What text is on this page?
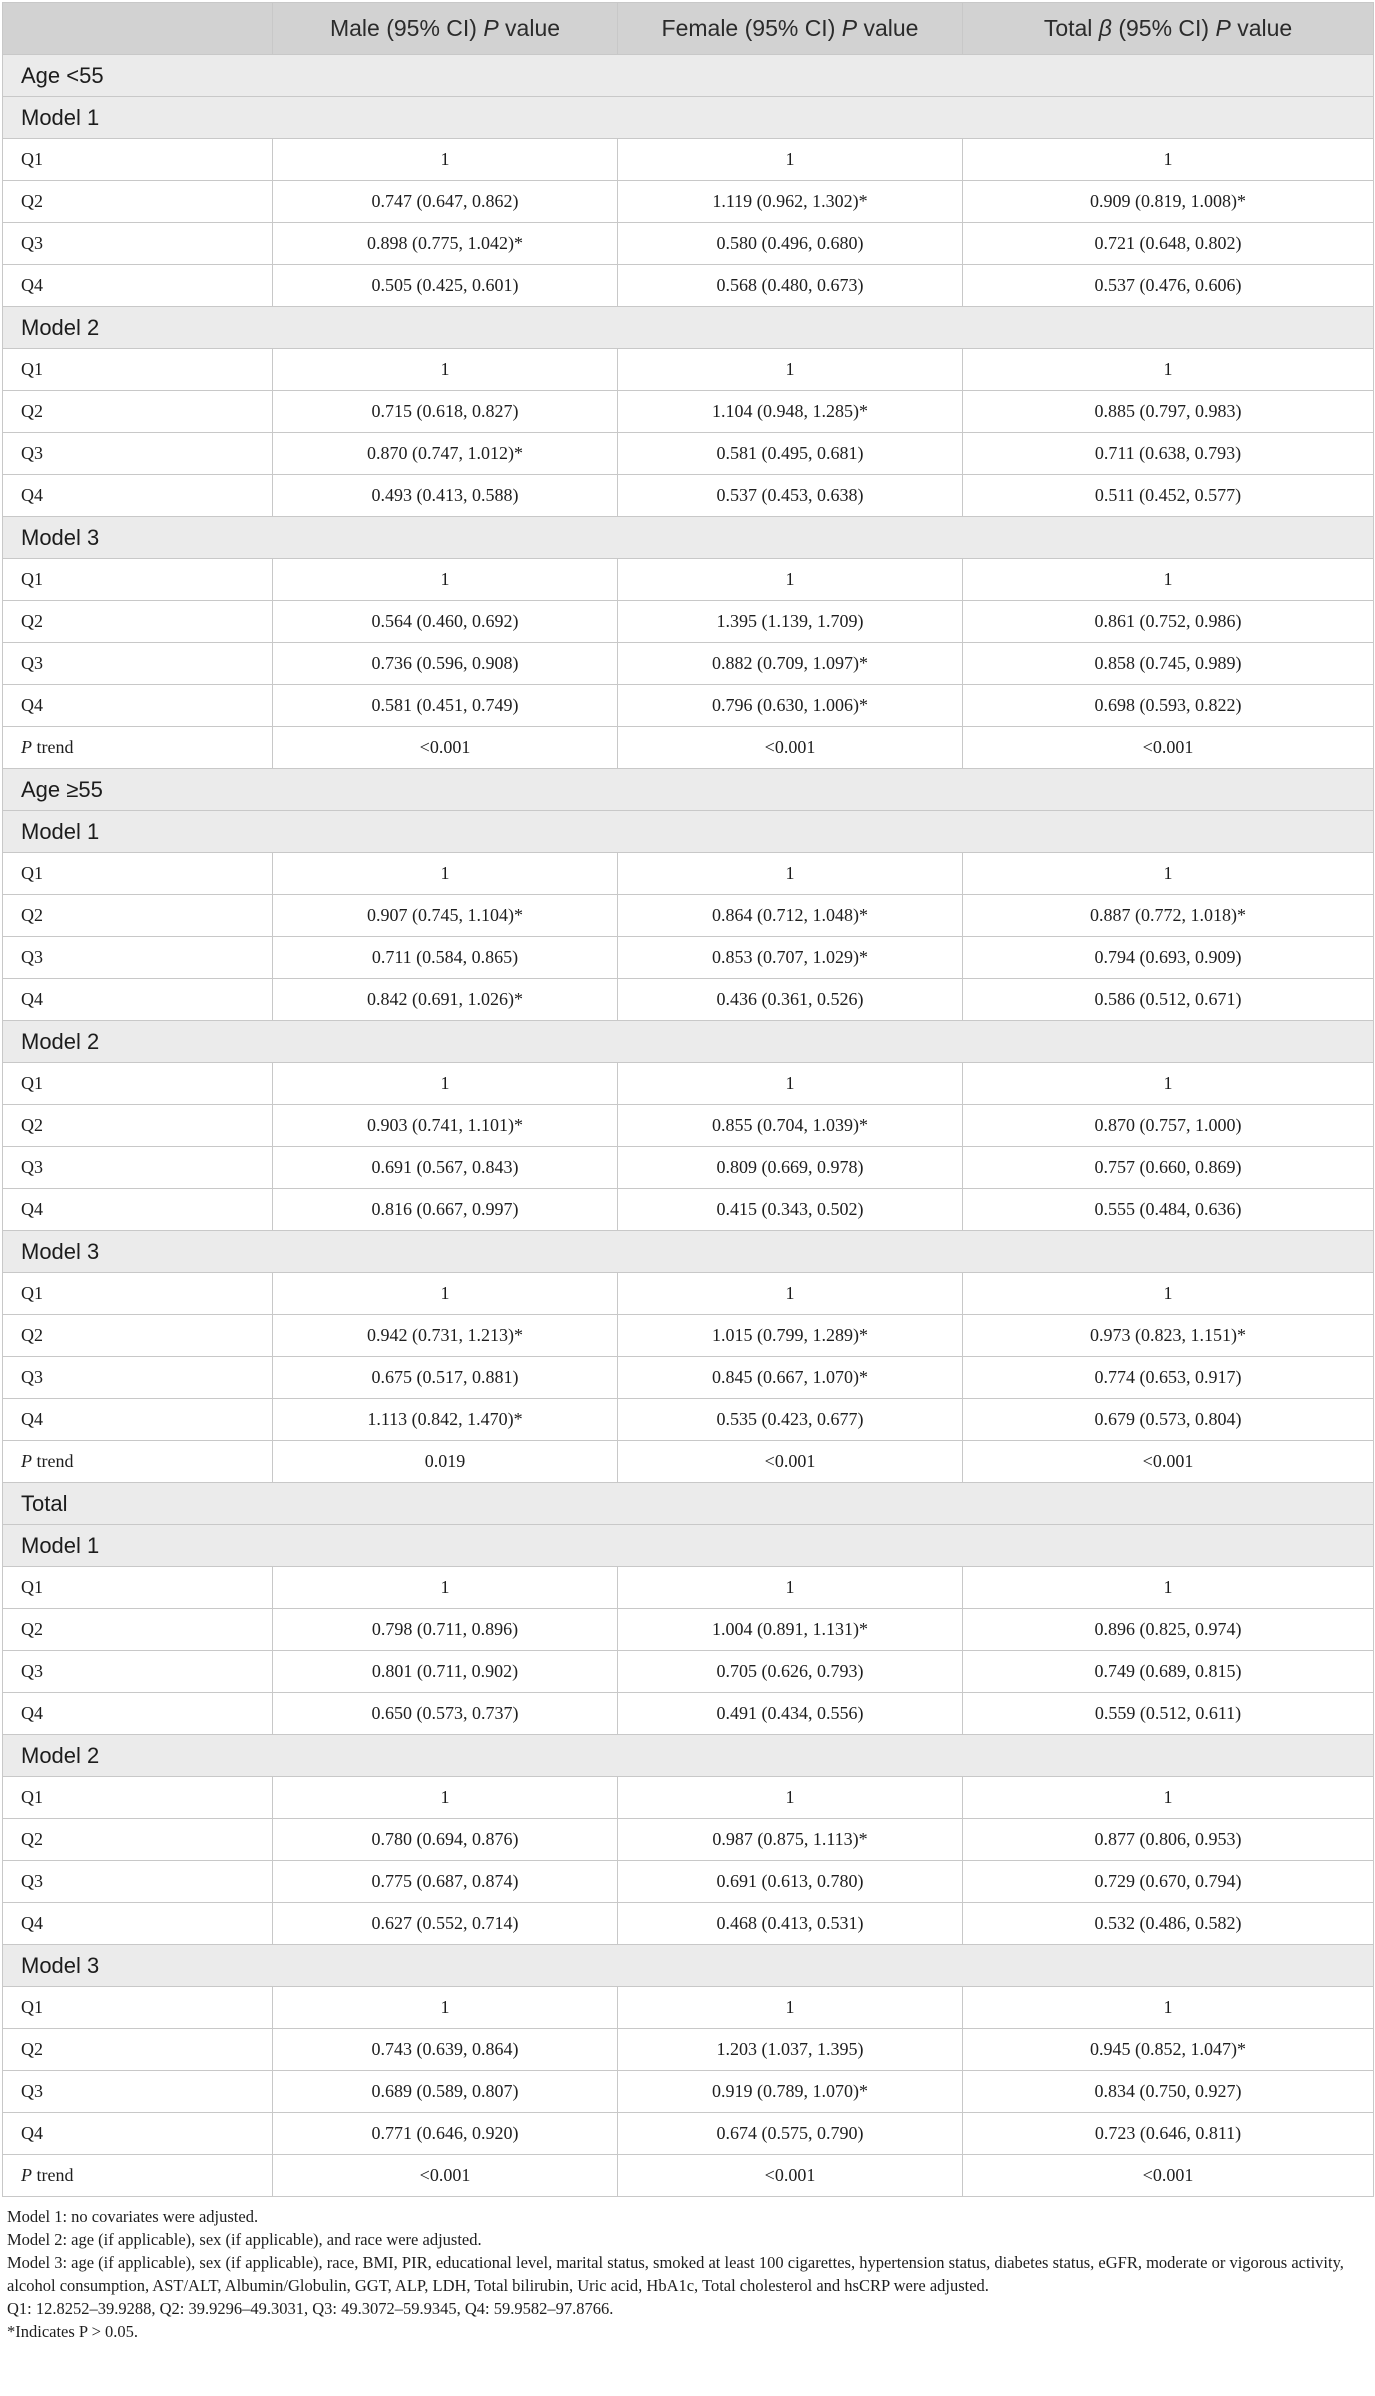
	Male (95% CI) P value	Female (95% CI) P value	Total β (95% CI) P value
Age <55			
Model 1			
Q1	1	1	1
Q2	0.747 (0.647, 0.862)	1.119 (0.962, 1.302)*	0.909 (0.819, 1.008)*
Q3	0.898 (0.775, 1.042)*	0.580 (0.496, 0.680)	0.721 (0.648, 0.802)
Q4	0.505 (0.425, 0.601)	0.568 (0.480, 0.673)	0.537 (0.476, 0.606)
Model 2			
Q1	1	1	1
Q2	0.715 (0.618, 0.827)	1.104 (0.948, 1.285)*	0.885 (0.797, 0.983)
Q3	0.870 (0.747, 1.012)*	0.581 (0.495, 0.681)	0.711 (0.638, 0.793)
Q4	0.493 (0.413, 0.588)	0.537 (0.453, 0.638)	0.511 (0.452, 0.577)
Model 3			
Q1	1	1	1
Q2	0.564 (0.460, 0.692)	1.395 (1.139, 1.709)	0.861 (0.752, 0.986)
Q3	0.736 (0.596, 0.908)	0.882 (0.709, 1.097)*	0.858 (0.745, 0.989)
Q4	0.581 (0.451, 0.749)	0.796 (0.630, 1.006)*	0.698 (0.593, 0.822)
P trend	<0.001	<0.001	<0.001
Age ≥55			
Model 1			
Q1	1	1	1
Q2	0.907 (0.745, 1.104)*	0.864 (0.712, 1.048)*	0.887 (0.772, 1.018)*
Q3	0.711 (0.584, 0.865)	0.853 (0.707, 1.029)*	0.794 (0.693, 0.909)
Q4	0.842 (0.691, 1.026)*	0.436 (0.361, 0.526)	0.586 (0.512, 0.671)
Model 2			
Q1	1	1	1
Q2	0.903 (0.741, 1.101)*	0.855 (0.704, 1.039)*	0.870 (0.757, 1.000)
Q3	0.691 (0.567, 0.843)	0.809 (0.669, 0.978)	0.757 (0.660, 0.869)
Q4	0.816 (0.667, 0.997)	0.415 (0.343, 0.502)	0.555 (0.484, 0.636)
Model 3			
Q1	1	1	1
Q2	0.942 (0.731, 1.213)*	1.015 (0.799, 1.289)*	0.973 (0.823, 1.151)*
Q3	0.675 (0.517, 0.881)	0.845 (0.667, 1.070)*	0.774 (0.653, 0.917)
Q4	1.113 (0.842, 1.470)*	0.535 (0.423, 0.677)	0.679 (0.573, 0.804)
P trend	0.019	<0.001	<0.001
Total			
Model 1			
Q1	1	1	1
Q2	0.798 (0.711, 0.896)	1.004 (0.891, 1.131)*	0.896 (0.825, 0.974)
Q3	0.801 (0.711, 0.902)	0.705 (0.626, 0.793)	0.749 (0.689, 0.815)
Q4	0.650 (0.573, 0.737)	0.491 (0.434, 0.556)	0.559 (0.512, 0.611)
Model 2			
Q1	1	1	1
Q2	0.780 (0.694, 0.876)	0.987 (0.875, 1.113)*	0.877 (0.806, 0.953)
Q3	0.775 (0.687, 0.874)	0.691 (0.613, 0.780)	0.729 (0.670, 0.794)
Q4	0.627 (0.552, 0.714)	0.468 (0.413, 0.531)	0.532 (0.486, 0.582)
Model 3			
Q1	1	1	1
Q2	0.743 (0.639, 0.864)	1.203 (1.037, 1.395)	0.945 (0.852, 1.047)*
Q3	0.689 (0.589, 0.807)	0.919 (0.789, 1.070)*	0.834 (0.750, 0.927)
Q4	0.771 (0.646, 0.920)	0.674 (0.575, 0.790)	0.723 (0.646, 0.811)
P trend	<0.001	<0.001	<0.001

Model 1: no covariates were adjusted.

Model 2: age (if applicable), sex (if applicable), and race were adjusted.

Model 3: age (if applicable), sex (if applicable), race, BMI, PIR, educational level, marital status, smoked at least 100 cigarettes, hypertension status, diabetes status, eGFR, moderate or vigorous activity, alcohol consumption, AST/ALT, Albumin/Globulin, GGT, ALP, LDH, Total bilirubin, Uric acid, HbA1c, Total cholesterol and hsCRP were adjusted.

Q1: 12.8252–39.9288, Q2: 39.9296–49.3031, Q3: 49.3072–59.9345, Q4: 59.9582–97.8766.

*Indicates P > 0.05.
